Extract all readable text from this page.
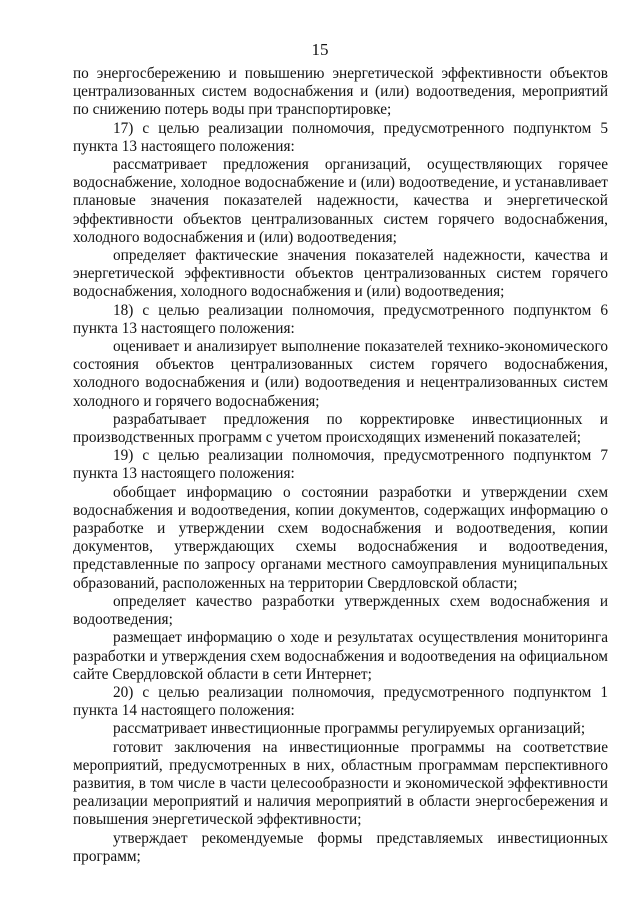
15

по энергосбережению и повышению энергетической эффективности объектов централизованных систем водоснабжения и (или) водоотведения, мероприятий по снижению потерь воды при транспортировке;

17) с целью реализации полномочия, предусмотренного подпунктом 5 пункта 13 настоящего положения:

рассматривает предложения организаций, осуществляющих горячее водоснабжение, холодное водоснабжение и (или) водоотведение, и устанавливает плановые значения показателей надежности, качества и энергетической эффективности объектов централизованных систем горячего водоснабжения, холодного водоснабжения и (или) водоотведения;

определяет фактические значения показателей надежности, качества и энергетической эффективности объектов централизованных систем горячего водоснабжения, холодного водоснабжения и (или) водоотведения;

18) с целью реализации полномочия, предусмотренного подпунктом 6 пункта 13 настоящего положения:

оценивает и анализирует выполнение показателей технико-экономического состояния объектов централизованных систем горячего водоснабжения, холодного водоснабжения и (или) водоотведения и нецентрализованных систем холодного и горячего водоснабжения;

разрабатывает предложения по корректировке инвестиционных и производственных программ с учетом происходящих изменений показателей;

19) с целью реализации полномочия, предусмотренного подпунктом 7 пункта 13 настоящего положения:

обобщает информацию о состоянии разработки и утверждении схем водоснабжения и водоотведения, копии документов, содержащих информацию о разработке и утверждении схем водоснабжения и водоотведения, копии документов, утверждающих схемы водоснабжения и водоотведения, представленные по запросу органами местного самоуправления муниципальных образований, расположенных на территории Свердловской области;

определяет качество разработки утвержденных схем водоснабжения и водоотведения;

размещает информацию о ходе и результатах осуществления мониторинга разработки и утверждения схем водоснабжения и водоотведения на официальном сайте Свердловской области в сети Интернет;

20) с целью реализации полномочия, предусмотренного подпунктом 1 пункта 14 настоящего положения:

рассматривает инвестиционные программы регулируемых организаций;

готовит заключения на инвестиционные программы на соответствие мероприятий, предусмотренных в них, областным программам перспективного развития, в том числе в части целесообразности и экономической эффективности реализации мероприятий и наличия мероприятий в области энергосбережения и повышения энергетической эффективности;

утверждает рекомендуемые формы представляемых инвестиционных программ;
